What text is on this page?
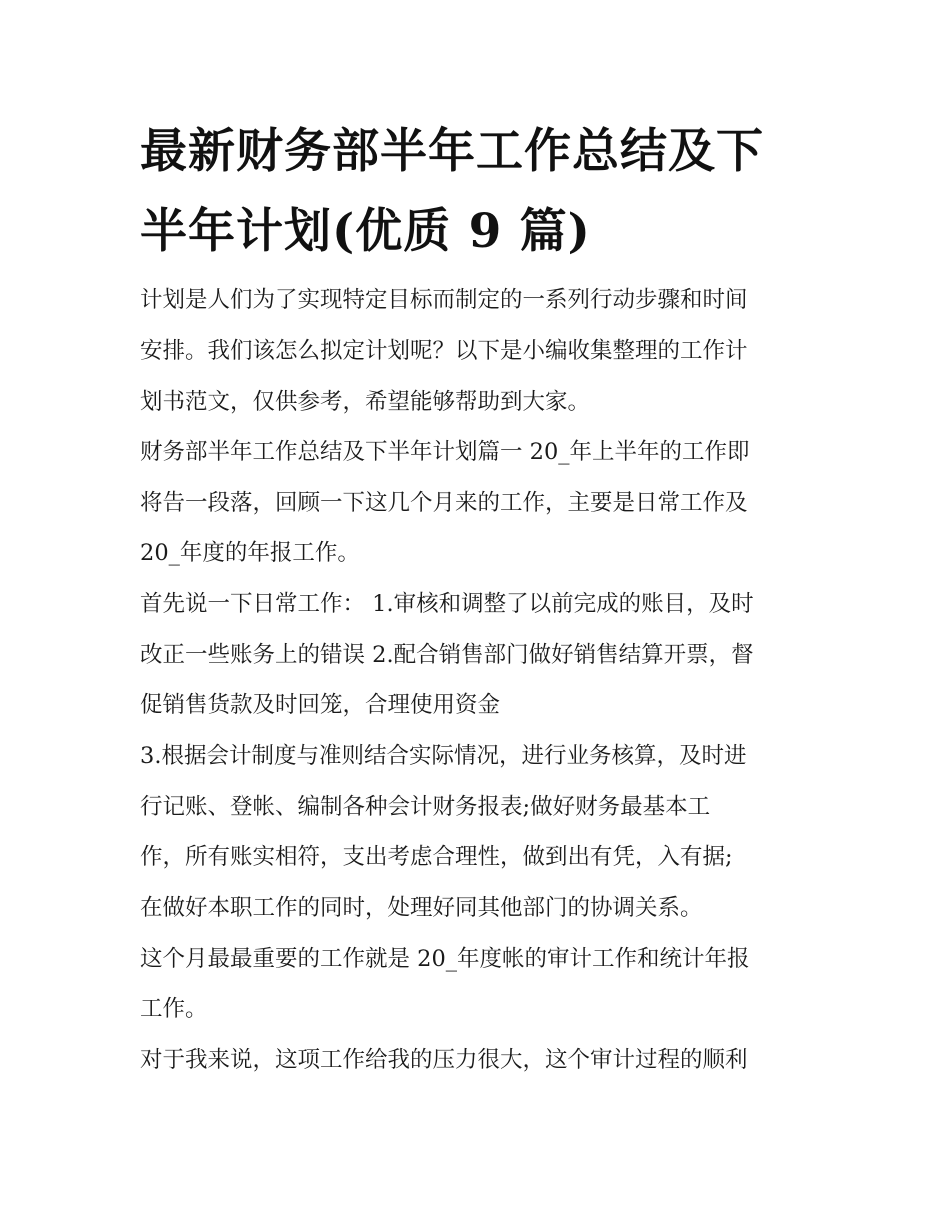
最新财务部半年工作总结及下
半年计划(优质 9 篇)
计划是人们为了实现特定目标而制定的一系列行动步骤和时间
安排。我们该怎么拟定计划呢？以下是小编收集整理的工作计
划书范文，仅供参考，希望能够帮助到大家。
财务部半年工作总结及下半年计划篇一 20_年上半年的工作即
将告一段落，回顾一下这几个月来的工作，主要是日常工作及
20_年度的年报工作。
首先说一下日常工作： 1.审核和调整了以前完成的账目，及时
改正一些账务上的错误 2.配合销售部门做好销售结算开票，督
促销售货款及时回笼，合理使用资金
3.根据会计制度与准则结合实际情况，进行业务核算，及时进
行记账、登帐、编制各种会计财务报表;做好财务最基本工
作，所有账实相符，支出考虑合理性，做到出有凭，入有据;
在做好本职工作的同时，处理好同其他部门的协调关系。
这个月最最重要的工作就是 20_年度帐的审计工作和统计年报
工作。
对于我来说，这项工作给我的压力很大，这个审计过程的顺利
